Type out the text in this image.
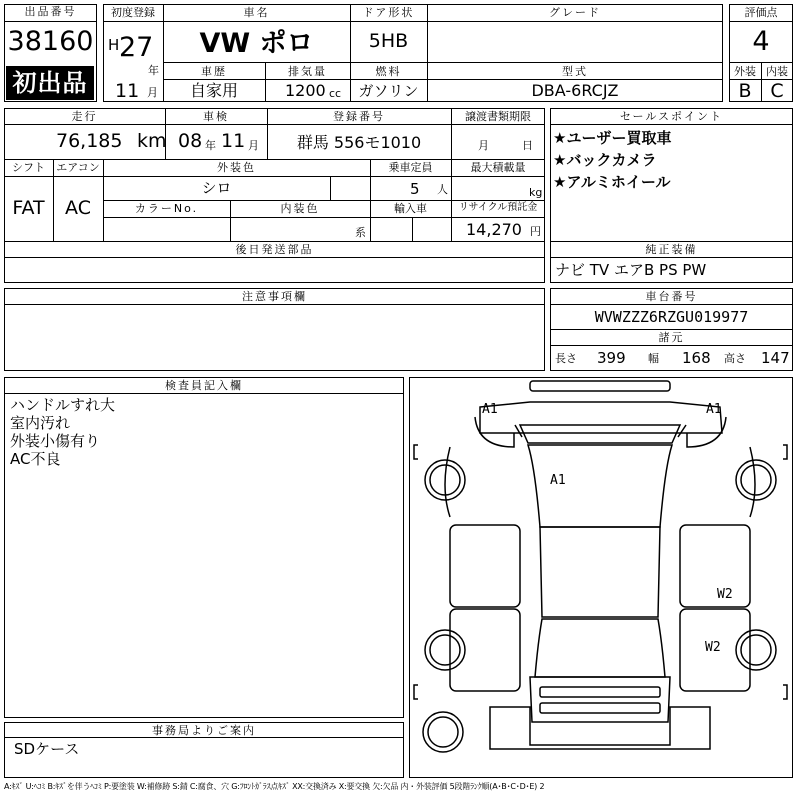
出品番号
38160
初出品
初度登録
H 27
年
11 月
車名
VW ポロ
ドア形状
5HB
グレード
車歴
自家用
排気量
1200 cc
燃料
ガソリン
型式
DBA-6RCJZ
評価点
4
外装 内装
B C
走行
76,185 km
車検
08 年 11 月
登録番号
群馬 556モ1010
譲渡書類期限
月	日
シフト
FAT
エアコン
AC
外装色
シロ
乗車定員
5 人
最大積載量
kg
カラーNo.	内装色
系
輸入車	リサイクル預託金
14,270 円
後日発送部品
セールスポイント
★ユーザー買取車
★バックカメラ
★アルミホイール
純正装備
ナビ TV エアB PS PW
注意事項欄	車台番号
WVWZZZ6RZGU019977
諸元
長さ 399 幅 168 高さ 147
検査員記入欄
ハンドルすれ大
室内汚れ
外装小傷有り
AC不良
事務局よりご案内
SDケース
A1	A1
A1
W2
W2
A:ｷｽﾞ U:ﾍｺﾐ B:ｷｽﾞを伴うﾍｺﾐ P:要塗装 W:補修跡 S:錆 C:腐食、穴 G:ﾌﾛﾝﾄｶﾞﾗｽ点ｷｽﾞ XX:交換済み X:要交換 欠:欠品 内・外装評価 5段階ﾗﾝｸ順(A･B･C･D･E) 2
